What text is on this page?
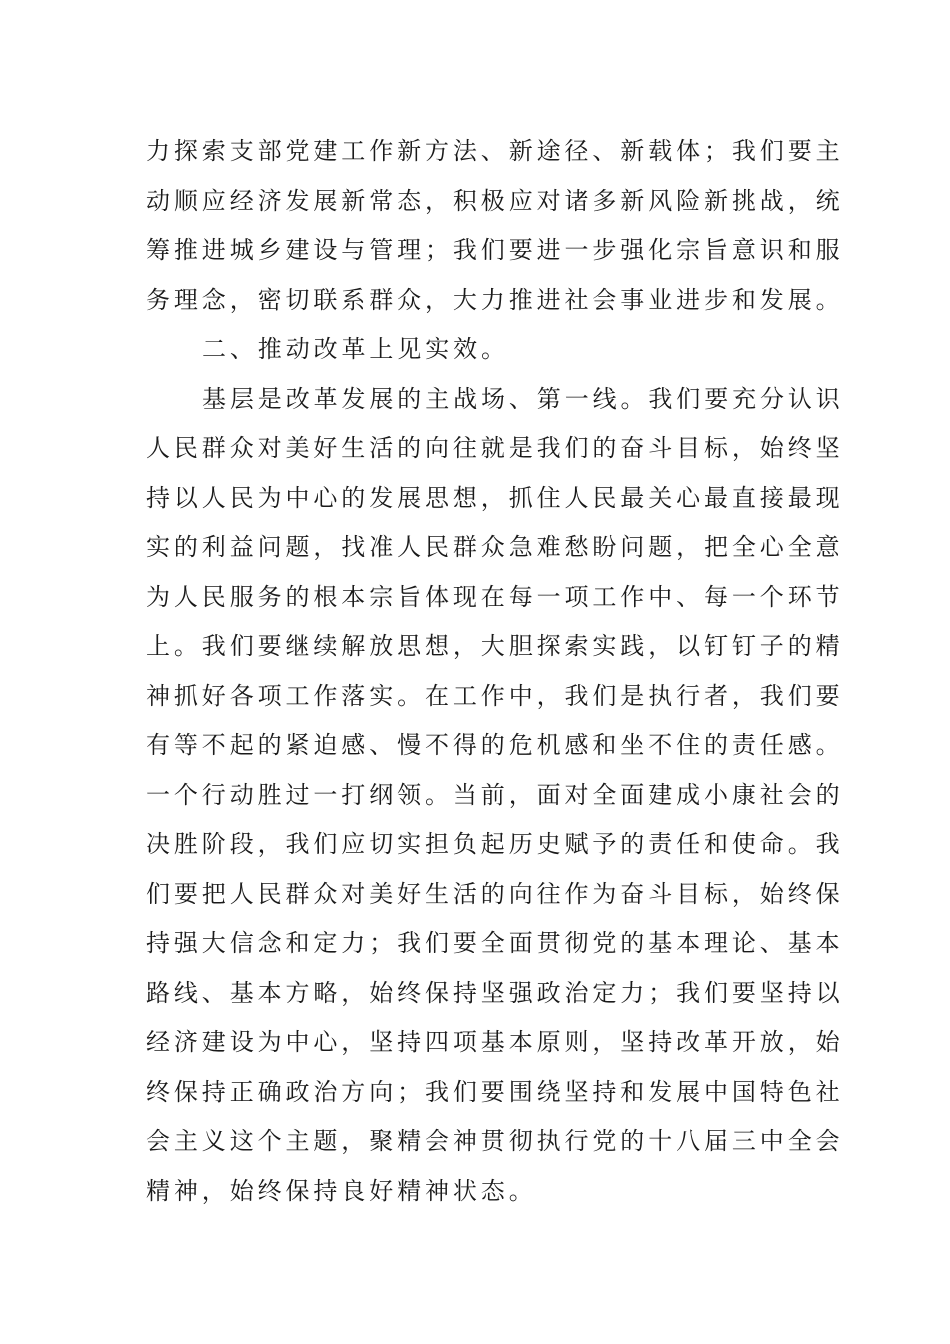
力探索支部党建工作新方法、新途径、新载体；我们要主
动顺应经济发展新常态，积极应对诸多新风险新挑战，统
筹推进城乡建设与管理；我们要进一步强化宗旨意识和服
务理念，密切联系群众，大力推进社会事业进步和发展。
二、推动改革上见实效。
基层是改革发展的主战场、第一线。我们要充分认识
人民群众对美好生活的向往就是我们的奋斗目标，始终坚
持以人民为中心的发展思想，抓住人民最关心最直接最现
实的利益问题，找准人民群众急难愁盼问题，把全心全意
为人民服务的根本宗旨体现在每一项工作中、每一个环节
上。我们要继续解放思想，大胆探索实践，以钉钉子的精
神抓好各项工作落实。在工作中，我们是执行者，我们要
有等不起的紧迫感、慢不得的危机感和坐不住的责任感。
一个行动胜过一打纲领。当前，面对全面建成小康社会的
决胜阶段，我们应切实担负起历史赋予的责任和使命。我
们要把人民群众对美好生活的向往作为奋斗目标，始终保
持强大信念和定力；我们要全面贯彻党的基本理论、基本
路线、基本方略，始终保持坚强政治定力；我们要坚持以
经济建设为中心，坚持四项基本原则，坚持改革开放，始
终保持正确政治方向；我们要围绕坚持和发展中国特色社
会主义这个主题，聚精会神贯彻执行党的十八届三中全会
精神，始终保持良好精神状态。
